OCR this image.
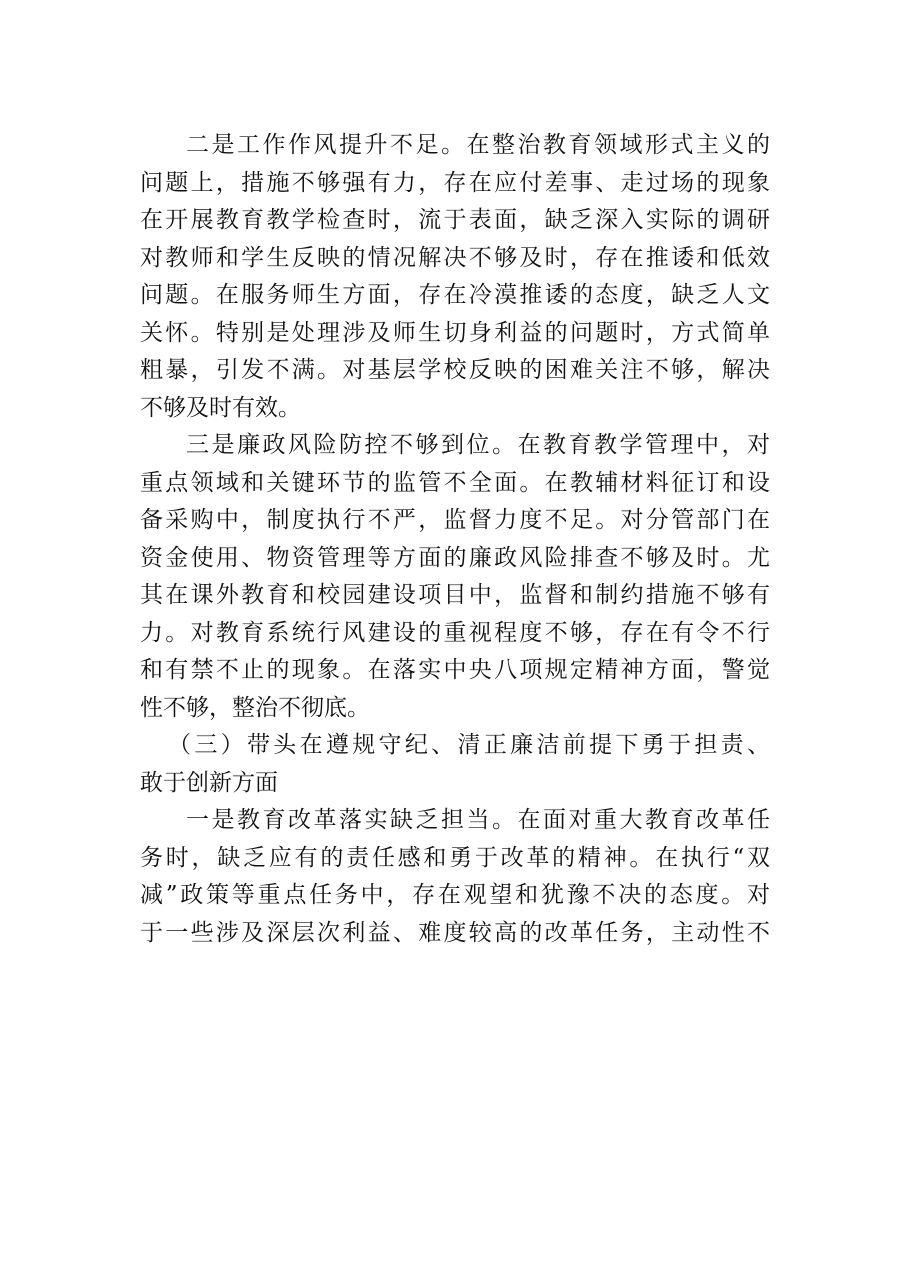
二是工作作风提升不足。在整治教育领域形式主义的
问题上，措施不够强有力，存在应付差事、走过场的现象
在开展教育教学检查时，流于表面，缺乏深入实际的调研
对教师和学生反映的情况解决不够及时，存在推诿和低效
问题。在服务师生方面，存在冷漠推诿的态度，缺乏人文
关怀。特别是处理涉及师生切身利益的问题时，方式简单
粗暴，引发不满。对基层学校反映的困难关注不够，解决
不够及时有效。
三是廉政风险防控不够到位。在教育教学管理中，对
重点领域和关键环节的监管不全面。在教辅材料征订和设
备采购中，制度执行不严，监督力度不足。对分管部门在
资金使用、物资管理等方面的廉政风险排查不够及时。尤
其在课外教育和校园建设项目中，监督和制约措施不够有
力。对教育系统行风建设的重视程度不够，存在有令不行
和有禁不止的现象。在落实中央八项规定精神方面，警觉
性不够，整治不彻底。
（三）带头在遵规守纪、清正廉洁前提下勇于担责、
敢于创新方面
一是教育改革落实缺乏担当。在面对重大教育改革任
务时，缺乏应有的责任感和勇于改革的精神。在执行“双
减”政策等重点任务中，存在观望和犹豫不决的态度。对
于一些涉及深层次利益、难度较高的改革任务，主动性不
